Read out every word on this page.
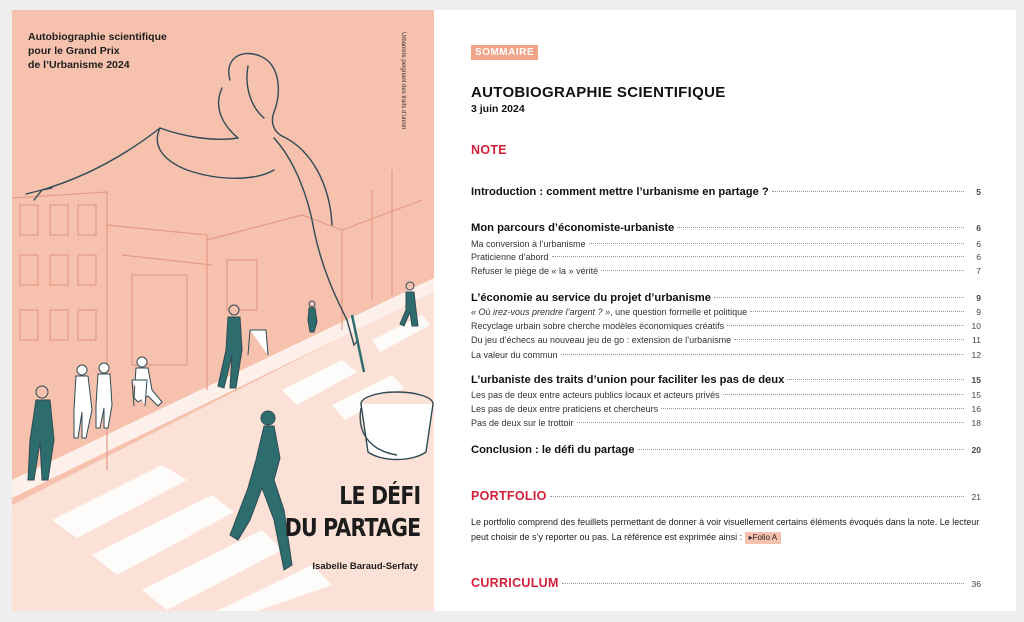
Autobiographie scientifique
pour le Grand Prix
de l’Urbanisme 2024	Urbaniste peignant des traits d’union
LE DÉFI
DU PARTAGE
Isabelle Baraud-Serfaty
SOMMAIRE
AUTOBIOGRAPHIE SCIENTIFIQUE
3 juin 2024
NOTE
Introduction : comment mettre l’urbanisme en partage ?	5
Mon parcours d’économiste-urbaniste	6
Ma conversion à l’urbanisme	6
Praticienne d’abord	6
Refuser le piège de « la » vérité	7
L’économie au service du projet d’urbanisme	9
« Où irez-vous prendre l’argent ? », une question formelle et politique	9
Recyclage urbain sobre cherche modèles économiques créatifs	10
Du jeu d’échecs au nouveau jeu de go : extension de l’urbanisme	11
La valeur du commun	12
L’urbaniste des traits d’union pour faciliter les pas de deux	15
Les pas de deux entre acteurs publics locaux et acteurs privés	15
Les pas de deux entre praticiens et chercheurs	16
Pas de deux sur le trottoir	18
Conclusion : le défi du partage	20
PORTFOLIO	21
Le portfolio comprend des feuillets permettant de donner à voir visuellement certains éléments évoqués dans la note. Le lecteur peut choisir de s’y reporter ou pas. La référence est exprimée ainsi : ▸Folio A
CURRICULUM	36
